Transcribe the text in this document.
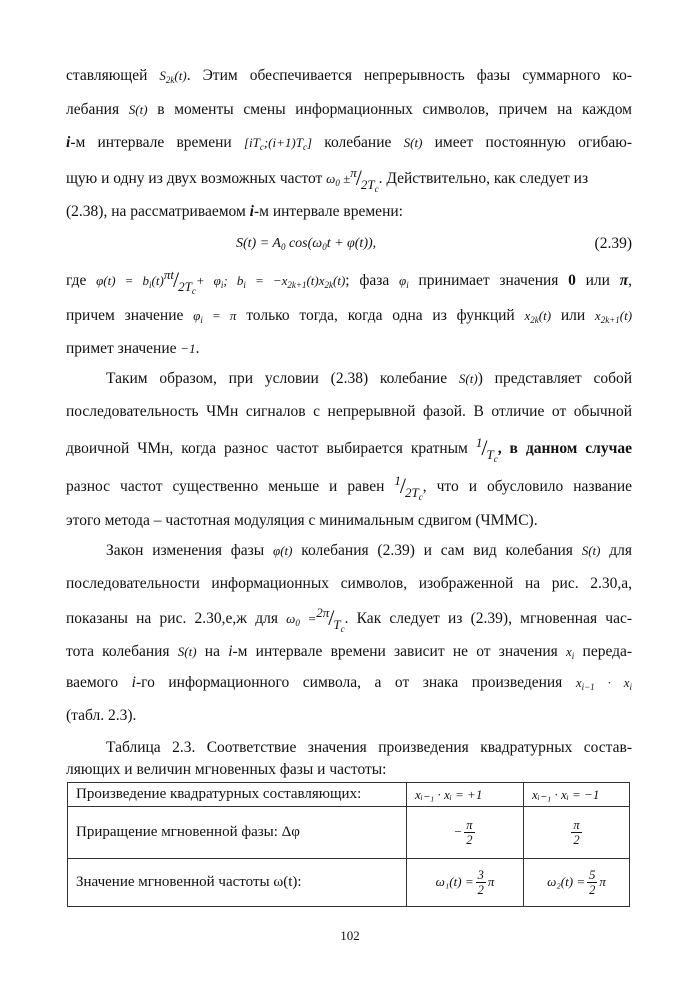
ставляющей $S_{2k}(t)$. Этим обеспечивается непрерывность фазы суммарного ко-
лебания S(t) в моменты смены информационных символов, причем на каждом
i-м интервале времени $[iT_c;(i+1)T_c]$ колебание S(t) имеет постоянную огибаю-
щую и одну из двух возможных частот $\omega_0 \pm\pi/2T_c$. Действительно, как следует из
(2.38), на рассматриваемом i-м интервале времени:
$S(t) = A_0$ $\cos(\omega_0t + \varphi(t))$,	(2.39)
где $\varphi(t) = b_i(t)\pi t/2T_c+ \varphi_i$; $b_i = -x_{2k+1}(t)x_{2k}(t)$; фаза $\varphi_i$ принимает значения 0 или π,
причем значение $\varphi_i = \pi$ только тогда, когда одна из функций $x_{2k}(t)$ или $x_{2k+1}(t)$
примет значение −1.
Таким образом, при условии (2.38) колебание S(t)) представляет собой
последовательность ЧМн сигналов с непрерывной фазой. В отличие от обычной
двоичной ЧМн, когда разнос частот выбирается кратным $1/T_c$, в данном случае
разнос частот существенно меньше и равен $1/2T_c$, что и обусловило название
этого метода – частотная модуляция с минимальным сдвигом (ЧММС).
Закон изменения фазы φ(t) колебания (2.39) и сам вид колебания S(t) для
последовательности информационных символов, изображенной на рис. 2.30,а,
показаны на рис. 2.30,е,ж для $\omega_0 =2\pi/T_c$. Как следует из (2.39), мгновенная час-
тота колебания S(t) на i-м интервале времени зависит не от значения $x_i$ переда-
ваемого i-го информационного символа, а от знака произведения $x_{i-1} \cdot x_i$
(табл. 2.3).
Таблица 2.3. Соответствие значения произведения квадратурных состав-
ляющих и величин мгновенных фазы и частоты:
Произведение квадратурных составляющих:	xᵢ₋₁ · xᵢ = +1	xᵢ₋₁ · xᵢ = −1
Приращение мгновенной фазы: Δφ	− $\frac{\pi}{2}$	$\frac{\pi}{2}$

Значение мгновенной частоты ω(t):	$\omega_1(t) = \frac{3}{2}$ π	$\omega_2(t) = \frac{5}{2}$ π
102
